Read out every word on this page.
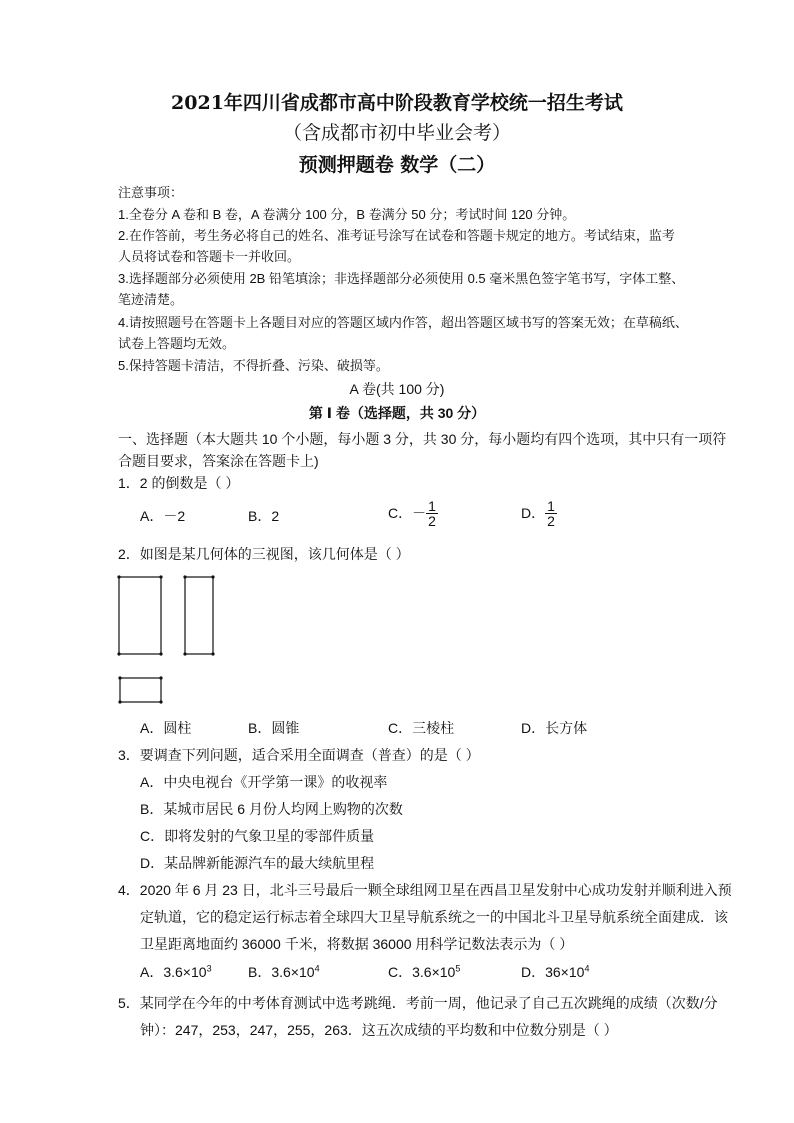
2021年四川省成都市高中阶段教育学校统一招生考试
（含成都市初中毕业会考）
预测押题卷 数学（二）
注意事项：
1.全卷分 A 卷和 B 卷，A 卷满分 100 分，B 卷满分 50 分；考试时间 120 分钟。
2.在作答前，考生务必将自己的姓名、准考证号涂写在试卷和答题卡规定的地方。考试结束，监考
人员将试卷和答题卡一并收回。
3.选择题部分必须使用 2B 铅笔填涂；非选择题部分必须使用 0.5 毫米黑色签字笔书写，字体工整、
笔迹清楚。
4.请按照题号在答题卡上各题目对应的答题区域内作答，超出答题区域书写的答案无效；在草稿纸、
试卷上答题均无效。
5.保持答题卡清洁，不得折叠、污染、破损等。
A 卷(共 100 分)
第 Ⅰ 卷（选择题，共 30 分）
一、选择题（本大题共 10 个小题，每小题 3 分，共 30 分，每小题均有四个选项，其中只有一项符
合题目要求，答案涂在答题卡上)
1．2 的倒数是（ ）
A．－2	B．2	C．－ $\frac{1}{2}$	D． $\frac{1}{2}$
2．如图是某几何体的三视图，该几何体是（ ）
A．圆柱	B．圆锥	C．三棱柱	D．长方体
3．要调查下列问题，适合采用全面调查（普查）的是（ ）
A．中央电视台《开学第一课》的收视率
B．某城市居民 6 月份人均网上购物的次数
C．即将发射的气象卫星的零部件质量
D．某品牌新能源汽车的最大续航里程
4．2020 年 6 月 23 日，北斗三号最后一颗全球组网卫星在西昌卫星发射中心成功发射并顺利进入预
定轨道，它的稳定运行标志着全球四大卫星导航系统之一的中国北斗卫星导航系统全面建成．该
卫星距离地面约 36000 千米，将数据 36000 用科学记数法表示为（ ）
A．$3.6\times 10^3$	B．$3.6\times 10^4$	C．$3.6\times 10^5$	D．$36\times 10^4$
5．某同学在今年的中考体育测试中选考跳绳．考前一周，他记录了自己五次跳绳的成绩（次数/分
钟）：247，253，247，255，263．这五次成绩的平均数和中位数分别是（ ）
